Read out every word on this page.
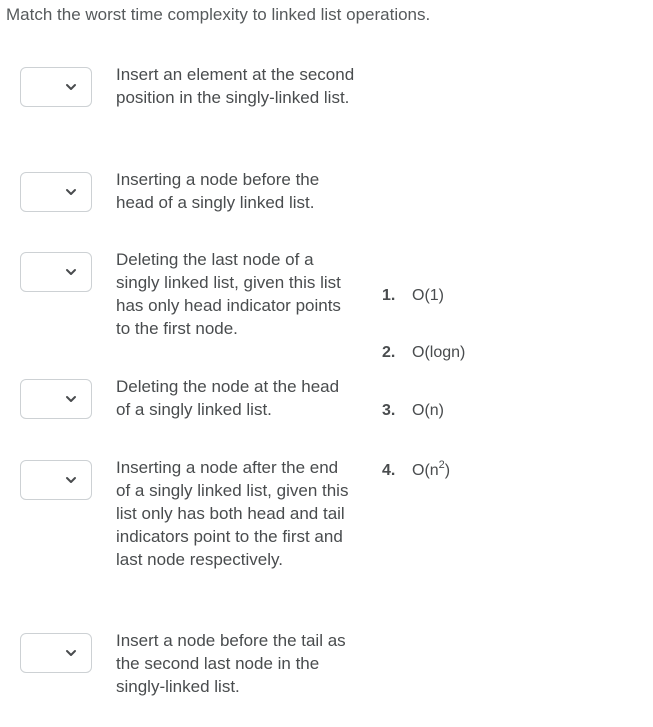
Match the worst time complexity to linked list operations.
Insert an element at the second position in the singly-linked list.
Inserting a node before the head of a singly linked list.
Deleting the last node of a singly linked list, given this list has only head indicator points to the first node.
Deleting the node at the head of a singly linked list.
Inserting a node after the end of a singly linked list, given this list only has both head and tail indicators point to the first and last node respectively.
Insert a node before the tail as the second last node in the singly-linked list.
1. O(1)
2. O(logn)
3. O(n)
4. $O(n^2)$
